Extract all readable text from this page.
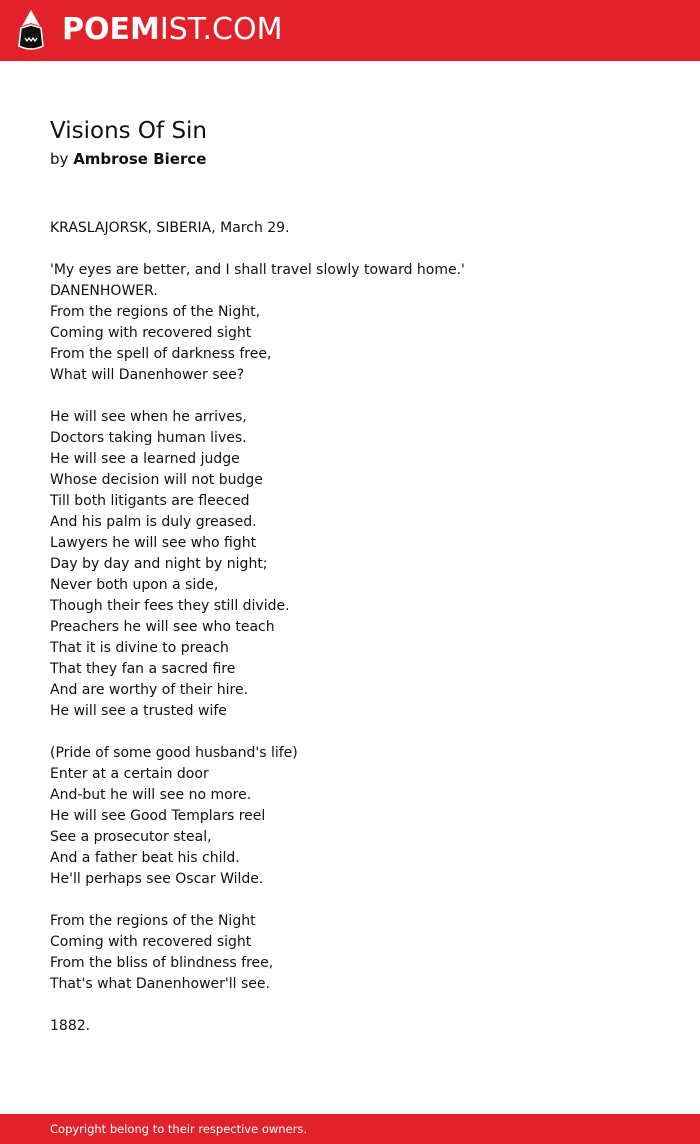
POEMIST.COM
Visions Of Sin
by Ambrose Bierce
KRASLAJORSK, SIBERIA, March 29.
'My eyes are better, and I shall travel slowly toward home.'
DANENHOWER.
From the regions of the Night,
Coming with recovered sight
From the spell of darkness free,
What will Danenhower see?
He will see when he arrives,
Doctors taking human lives.
He will see a learned judge
Whose decision will not budge
Till both litigants are fleeced
And his palm is duly greased.
Lawyers he will see who fight
Day by day and night by night;
Never both upon a side,
Though their fees they still divide.
Preachers he will see who teach
That it is divine to preach
That they fan a sacred fire
And are worthy of their hire.
He will see a trusted wife
(Pride of some good husband's life)
Enter at a certain door
And-but he will see no more.
He will see Good Templars reel
See a prosecutor steal,
And a father beat his child.
He'll perhaps see Oscar Wilde.
From the regions of the Night
Coming with recovered sight
From the bliss of blindness free,
That's what Danenhower'll see.
1882.
Copyright belong to their respective owners.
